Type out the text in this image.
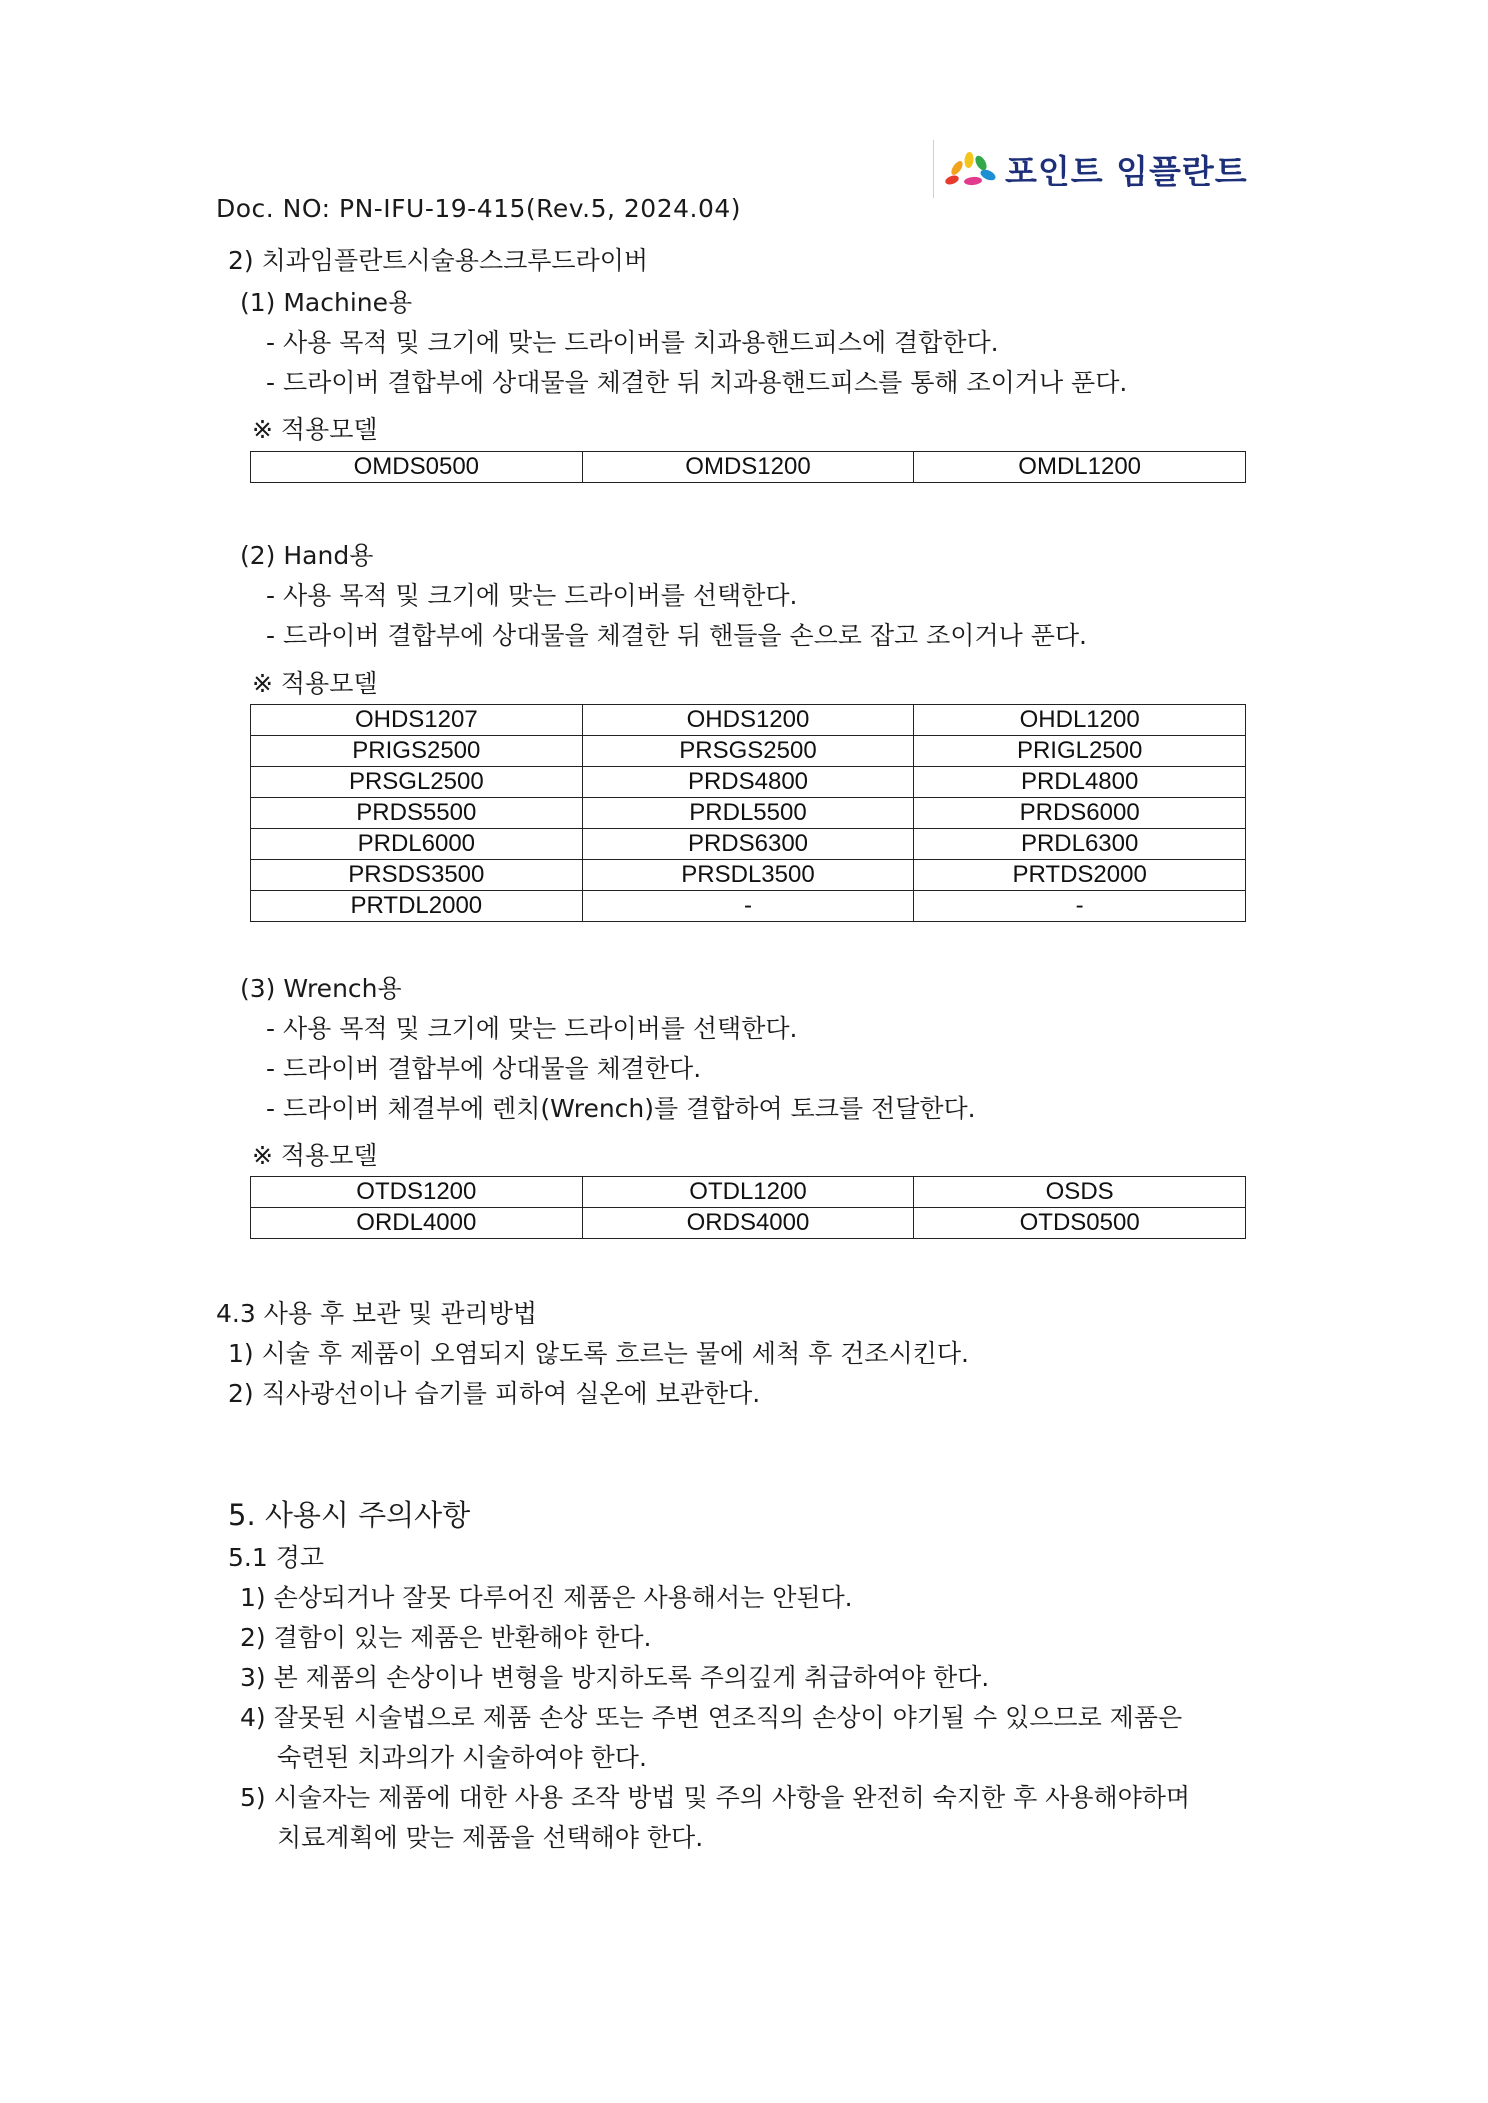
포인트 임플란트
Doc. NO: PN-IFU-19-415(Rev.5, 2024.04)
2) 치과임플란트시술용스크루드라이버
(1) Machine용
- 사용 목적 및 크기에 맞는 드라이버를 치과용핸드피스에 결합한다.
- 드라이버 결합부에 상대물을 체결한 뒤 치과용핸드피스를 통해 조이거나 푼다.
※ 적용모델
OMDS0500	OMDS1200	OMDL1200
(2) Hand용
- 사용 목적 및 크기에 맞는 드라이버를 선택한다.
- 드라이버 결합부에 상대물을 체결한 뒤 핸들을 손으로 잡고 조이거나 푼다.
※ 적용모델
OHDS1207	OHDS1200	OHDL1200
PRIGS2500	PRSGS2500	PRIGL2500
PRSGL2500	PRDS4800	PRDL4800
PRDS5500	PRDL5500	PRDS6000
PRDL6000	PRDS6300	PRDL6300
PRSDS3500	PRSDL3500	PRTDS2000
PRTDL2000	-	-
(3) Wrench용
- 사용 목적 및 크기에 맞는 드라이버를 선택한다.
- 드라이버 결합부에 상대물을 체결한다.
- 드라이버 체결부에 렌치(Wrench)를 결합하여 토크를 전달한다.
※ 적용모델
OTDS1200	OTDL1200	OSDS
ORDL4000	ORDS4000	OTDS0500
4.3 사용 후 보관 및 관리방법
1) 시술 후 제품이 오염되지 않도록 흐르는 물에 세척 후 건조시킨다.
2) 직사광선이나 습기를 피하여 실온에 보관한다.
5. 사용시 주의사항
5.1 경고
1) 손상되거나 잘못 다루어진 제품은 사용해서는 안된다.
2) 결함이 있는 제품은 반환해야 한다.
3) 본 제품의 손상이나 변형을 방지하도록 주의깊게 취급하여야 한다.
4) 잘못된 시술법으로 제품 손상 또는 주변 연조직의 손상이 야기될 수 있으므로 제품은
숙련된 치과의가 시술하여야 한다.
5) 시술자는 제품에 대한 사용 조작 방법 및 주의 사항을 완전히 숙지한 후 사용해야하며
치료계획에 맞는 제품을 선택해야 한다.
